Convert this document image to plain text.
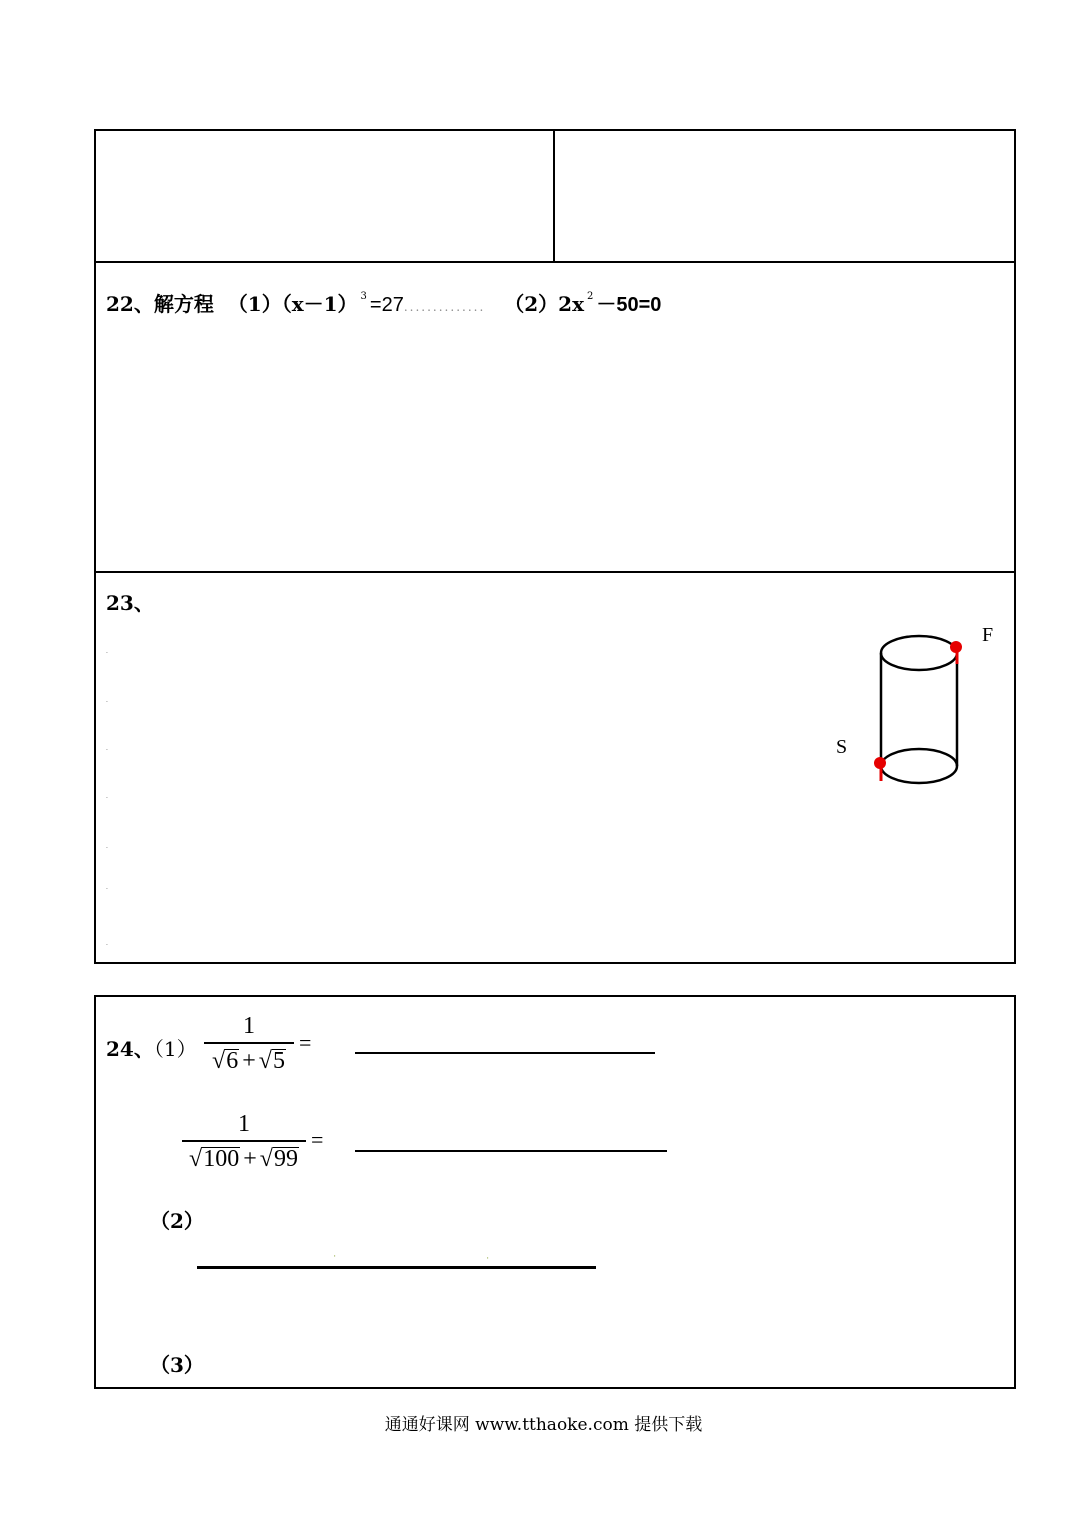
22、解方程 （1）（x－1） $^3$ =27.............. （2）2x $^2$ －50=0
23、
.
.
.
.
.
.
.
F
S
24、（1）
1
√6 + √5
=
1
√100 + √99
=
（2）
'	'
（3）
通通好课网 www.tthaoke.com 提供下载
